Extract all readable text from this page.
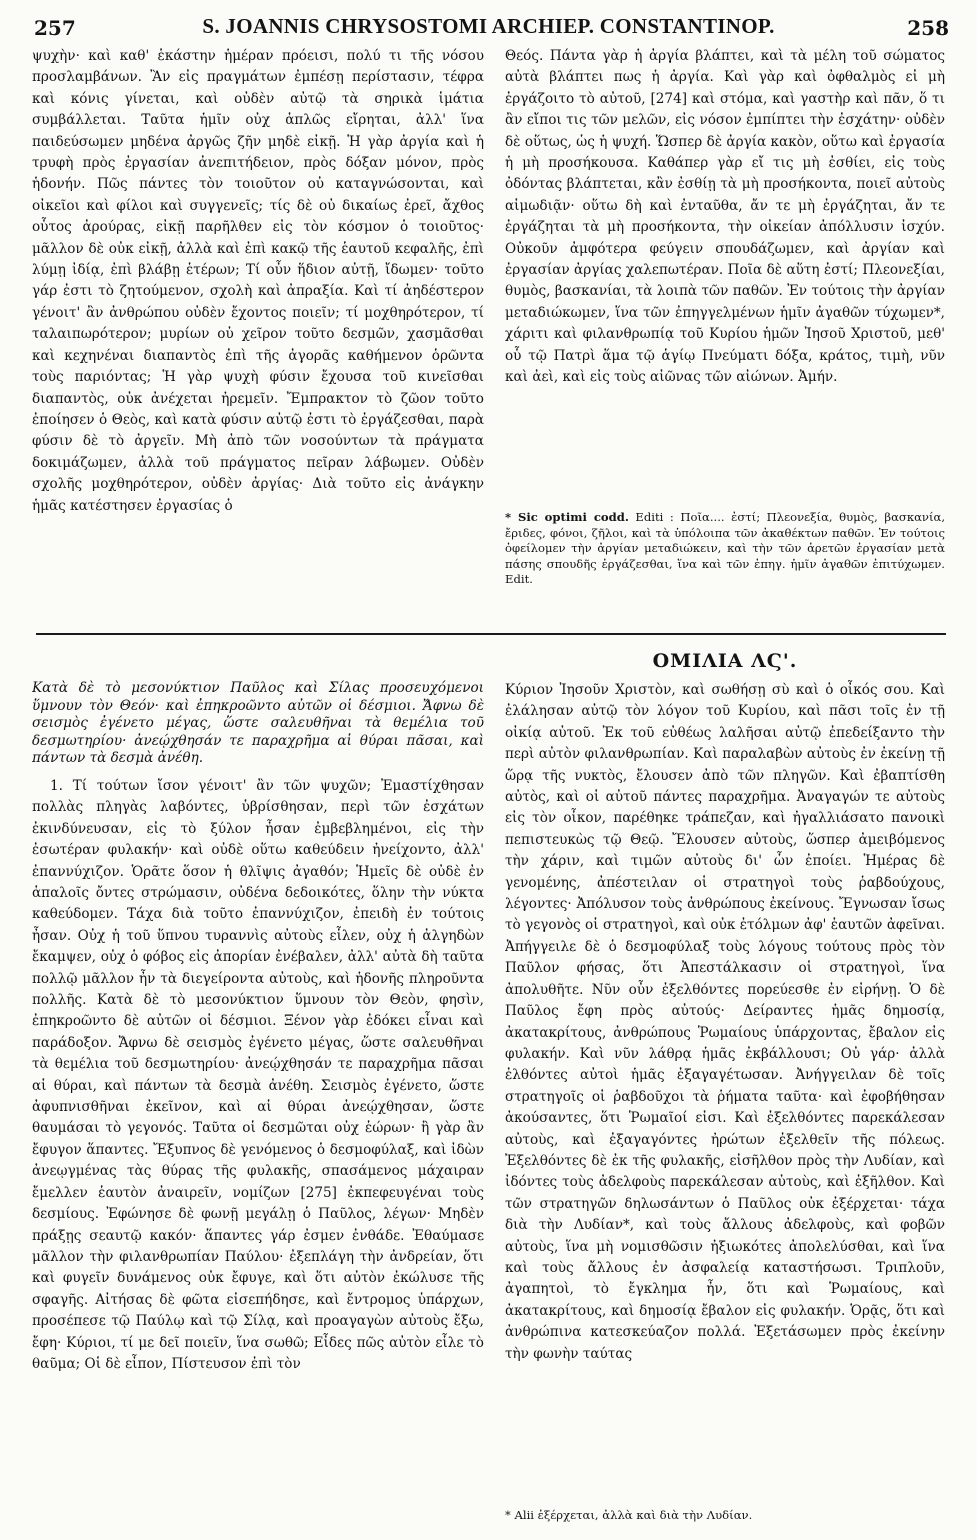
257	S. JOANNIS CHRYSOSTOMI ARCHIEP. CONSTANTINOP.	258

ψυχὴν· καὶ καθ' ἑκάστην ἡμέραν πρόεισι, πολύ τι τῆς νόσου προσλαμβάνων. Ἂν εἰς πραγμάτων ἐμπέσῃ περίστασιν, τέφρα καὶ κόνις γίνεται, καὶ οὐδὲν αὐτῷ τὰ σηρικὰ ἱμάτια συμβάλλεται. Ταῦτα ἡμῖν οὐχ ἁπλῶς εἴρηται, ἀλλ' ἵνα παιδεύσωμεν μηδένα ἀργῶς ζῆν μηδὲ εἰκῇ. Ἡ γὰρ ἀργία καὶ ἡ τρυφὴ πρὸς ἐργασίαν ἀνεπιτήδειον, πρὸς δόξαν μόνον, πρὸς ἡδονήν. Πῶς πάντες τὸν τοιοῦτον οὐ καταγνώσονται, καὶ οἰκεῖοι καὶ φίλοι καὶ συγγενεῖς; τίς δὲ οὐ δικαίως ἐρεῖ, ἄχθος οὗτος ἀρούρας, εἰκῇ παρῆλθεν εἰς τὸν κόσμον ὁ τοιοῦτος· μᾶλλον δὲ οὐκ εἰκῇ, ἀλλὰ καὶ ἐπὶ κακῷ τῆς ἑαυτοῦ κεφαλῆς, ἐπὶ λύμῃ ἰδίᾳ, ἐπὶ βλάβῃ ἑτέρων; Τί οὖν ἥδιον αὐτῇ, ἴδωμεν· τοῦτο γάρ ἐστι τὸ ζητούμενον, σχολὴ καὶ ἀπραξία. Καὶ τί ἀηδέστερον γένοιτ' ἂν ἀνθρώπου οὐδὲν ἔχοντος ποιεῖν; τί μοχθηρότερον, τί ταλαιπωρότερον; μυρίων οὐ χεῖρον τοῦτο δεσμῶν, χασμᾶσθαι καὶ κεχηνέναι διαπαντὸς ἐπὶ τῆς ἀγορᾶς καθήμενον ὁρῶντα τοὺς παριόντας; Ἡ γὰρ ψυχὴ φύσιν ἔχουσα τοῦ κινεῖσθαι διαπαντὸς, οὐκ ἀνέχεται ἠρεμεῖν. Ἔμπρακτον τὸ ζῶον τοῦτο ἐποίησεν ὁ Θεὸς, καὶ κατὰ φύσιν αὐτῷ ἐστι τὸ ἐργάζεσθαι, παρὰ φύσιν δὲ τὸ ἀργεῖν. Μὴ ἀπὸ τῶν νοσούντων τὰ πράγματα δοκιμάζωμεν, ἀλλὰ τοῦ πράγματος πεῖραν λάβωμεν. Οὐδὲν σχολῆς μοχθηρότερον, οὐδὲν ἀργίας· Διὰ τοῦτο εἰς ἀνάγκην ἡμᾶς κατέστησεν ἐργασίας ὁ

Θεός. Πάντα γὰρ ἡ ἀργία βλάπτει, καὶ τὰ μέλη τοῦ σώματος αὐτὰ βλάπτει πως ἡ ἀργία. Καὶ γὰρ καὶ ὀφθαλμὸς εἰ μὴ ἐργάζοιτο τὸ αὐτοῦ, [274] καὶ στόμα, καὶ γαστὴρ καὶ πᾶν, ὅ τι ἂν εἴποι τις τῶν μελῶν, εἰς νόσον ἐμπίπτει τὴν ἐσχάτην· οὐδὲν δὲ οὕτως, ὡς ἡ ψυχή. Ὥσπερ δὲ ἀργία κακὸν, οὕτω καὶ ἐργασία ἡ μὴ προσήκουσα. Καθάπερ γὰρ εἴ τις μὴ ἐσθίει, εἰς τοὺς ὀδόντας βλάπτεται, κἂν ἐσθίῃ τὰ μὴ προσήκοντα, ποιεῖ αὐτοὺς αἱμωδιᾷν· οὕτω δὴ καὶ ἐνταῦθα, ἄν τε μὴ ἐργάζηται, ἄν τε ἐργάζηται τὰ μὴ προσήκοντα, τὴν οἰκείαν ἀπόλλυσιν ἰσχύν. Οὐκοῦν ἀμφότερα φεύγειν σπουδάζωμεν, καὶ ἀργίαν καὶ ἐργασίαν ἀργίας χαλεπωτέραν. Ποῖα δὲ αὕτη ἐστί; Πλεονεξίαι, θυμὸς, βασκανίαι, τὰ λοιπὰ τῶν παθῶν. Ἐν τούτοις τὴν ἀργίαν μεταδιώκωμεν, ἵνα τῶν ἐπηγγελμένων ἡμῖν ἀγαθῶν τύχωμεν*, χάριτι καὶ φιλανθρωπίᾳ τοῦ Κυρίου ἡμῶν Ἰησοῦ Χριστοῦ, μεθ' οὗ τῷ Πατρὶ ἅμα τῷ ἁγίῳ Πνεύματι δόξα, κράτος, τιμὴ, νῦν καὶ ἀεὶ, καὶ εἰς τοὺς αἰῶνας τῶν αἰώνων. Ἀμήν.

* Sic optimi codd. Editi : Ποῖα.... ἐστί; Πλεονεξία, θυμὸς, βασκανία, ἔριδες, φόνοι, ζῆλοι, καὶ τὰ ὑπόλοιπα τῶν ἀκαθέκτων παθῶν. Ἐν τούτοις ὀφείλομεν τὴν ἀργίαν μεταδιώκειν, καὶ τὴν τῶν ἀρετῶν ἐργασίαν μετὰ πάσης σπουδῆς ἐργάζεσθαι, ἵνα καὶ τῶν ἐπηγ. ἡμῖν ἀγαθῶν ἐπιτύχωμεν. Edit.
ΟΜΙΛΙΑ ΛϚ'.

Κατὰ δὲ τὸ μεσονύκτιον Παῦλος καὶ Σίλας προσευχόμενοι ὕμνουν τὸν Θεόν· καὶ ἐπηκροῶντο αὐτῶν οἱ δέσμιοι. Ἄφνω δὲ σεισμὸς ἐγένετο μέγας, ὥστε σαλευθῆναι τὰ θεμέλια τοῦ δεσμωτηρίου· ἀνεῴχθησάν τε παραχρῆμα αἱ θύραι πᾶσαι, καὶ πάντων τὰ δεσμὰ ἀνέθη.

1. Τί τούτων ἴσον γένοιτ' ἂν τῶν ψυχῶν; Ἐμαστίχθησαν πολλὰς πληγὰς λαβόντες, ὑβρίσθησαν, περὶ τῶν ἐσχάτων ἐκινδύνευσαν, εἰς τὸ ξύλον ἦσαν ἐμβεβλημένοι, εἰς τὴν ἐσωτέραν φυλακήν· καὶ οὐδὲ οὕτω καθεύδειν ἠνείχοντο, ἀλλ' ἐπαννύχιζον. Ὁρᾶτε ὅσον ἡ θλῖψις ἀγαθόν; Ἡμεῖς δὲ οὐδὲ ἐν ἁπαλοῖς ὄντες στρώμασιν, οὐδένα δεδοικότες, ὅλην τὴν νύκτα καθεύδομεν. Τάχα διὰ τοῦτο ἐπαννύχιζον, ἐπειδὴ ἐν τούτοις ἦσαν. Οὐχ ἡ τοῦ ὕπνου τυραννὶς αὐτοὺς εἷλεν, οὐχ ἡ ἀλγηδὼν ἔκαμψεν, οὐχ ὁ φόβος εἰς ἀπορίαν ἐνέβαλεν, ἀλλ' αὐτὰ δὴ ταῦτα πολλῷ μᾶλλον ἦν τὰ διεγείροντα αὐτοὺς, καὶ ἡδονῆς πληροῦντα πολλῆς. Κατὰ δὲ τὸ μεσονύκτιον ὕμνουν τὸν Θεὸν, φησὶν, ἐπηκροῶντο δὲ αὐτῶν οἱ δέσμιοι. Ξένον γὰρ ἐδόκει εἶναι καὶ παράδοξον. Ἄφνω δὲ σεισμὸς ἐγένετο μέγας, ὥστε σαλευθῆναι τὰ θεμέλια τοῦ δεσμωτηρίου· ἀνεῴχθησάν τε παραχρῆμα πᾶσαι αἱ θύραι, καὶ πάντων τὰ δεσμὰ ἀνέθη. Σεισμὸς ἐγένετο, ὥστε ἀφυπνισθῆναι ἐκεῖνον, καὶ αἱ θύραι ἀνεῴχθησαν, ὥστε θαυμάσαι τὸ γεγονός. Ταῦτα οἱ δεσμῶται οὐχ ἑώρων· ἢ γὰρ ἂν ἔφυγον ἅπαντες. Ἔξυπνος δὲ γενόμενος ὁ δεσμοφύλαξ, καὶ ἰδὼν ἀνεῳγμένας τὰς θύρας τῆς φυλακῆς, σπασάμενος μάχαιραν ἔμελλεν ἑαυτὸν ἀναιρεῖν, νομίζων [275] ἐκπεφευγέναι τοὺς δεσμίους. Ἐφώνησε δὲ φωνῇ μεγάλῃ ὁ Παῦλος, λέγων· Μηδὲν πράξῃς σεαυτῷ κακόν· ἅπαντες γάρ ἐσμεν ἐνθάδε. Ἐθαύμασε μᾶλλον τὴν φιλανθρωπίαν Παύλου· ἐξεπλάγη τὴν ἀνδρείαν, ὅτι καὶ φυγεῖν δυνάμενος οὐκ ἔφυγε, καὶ ὅτι αὐτὸν ἐκώλυσε τῆς σφαγῆς. Αἰτήσας δὲ φῶτα εἰσεπήδησε, καὶ ἔντρομος ὑπάρχων, προσέπεσε τῷ Παύλῳ καὶ τῷ Σίλᾳ, καὶ προαγαγὼν αὐτοὺς ἔξω, ἔφη· Κύριοι, τί με δεῖ ποιεῖν, ἵνα σωθῶ; Εἶδες πῶς αὐτὸν εἷλε τὸ θαῦμα; Οἱ δὲ εἶπον, Πίστευσον ἐπὶ τὸν

Κύριον Ἰησοῦν Χριστὸν, καὶ σωθήσῃ σὺ καὶ ὁ οἶκός σου. Καὶ ἐλάλησαν αὐτῷ τὸν λόγον τοῦ Κυρίου, καὶ πᾶσι τοῖς ἐν τῇ οἰκίᾳ αὐτοῦ. Ἐκ τοῦ εὐθέως λαλῆσαι αὐτῷ ἐπεδείξαντο τὴν περὶ αὐτὸν φιλανθρωπίαν. Καὶ παραλαβὼν αὐτοὺς ἐν ἐκείνῃ τῇ ὥρᾳ τῆς νυκτὸς, ἔλουσεν ἀπὸ τῶν πληγῶν. Καὶ ἐβαπτίσθη αὐτὸς, καὶ οἱ αὐτοῦ πάντες παραχρῆμα. Ἀναγαγών τε αὐτοὺς εἰς τὸν οἶκον, παρέθηκε τράπεζαν, καὶ ἠγαλλιάσατο πανοικὶ πεπιστευκὼς τῷ Θεῷ. Ἔλουσεν αὐτοὺς, ὥσπερ ἀμειβόμενος τὴν χάριν, καὶ τιμῶν αὐτοὺς δι' ὧν ἐποίει. Ἡμέρας δὲ γενομένης, ἀπέστειλαν οἱ στρατηγοὶ τοὺς ῥαβδούχους, λέγοντες· Ἀπόλυσον τοὺς ἀνθρώπους ἐκείνους. Ἔγνωσαν ἴσως τὸ γεγονὸς οἱ στρατηγοὶ, καὶ οὐκ ἐτόλμων ἀφ' ἑαυτῶν ἀφεῖναι. Ἀπήγγειλε δὲ ὁ δεσμοφύλαξ τοὺς λόγους τούτους πρὸς τὸν Παῦλον φήσας, ὅτι Ἀπεστάλκασιν οἱ στρατηγοὶ, ἵνα ἀπολυθῆτε. Νῦν οὖν ἐξελθόντες πορεύεσθε ἐν εἰρήνῃ. Ὁ δὲ Παῦλος ἔφη πρὸς αὐτούς· Δείραντες ἡμᾶς δημοσίᾳ, ἀκατακρίτους, ἀνθρώπους Ῥωμαίους ὑπάρχοντας, ἔβαλον εἰς φυλακήν. Καὶ νῦν λάθρᾳ ἡμᾶς ἐκβάλλουσι; Οὐ γάρ· ἀλλὰ ἐλθόντες αὐτοὶ ἡμᾶς ἐξαγαγέτωσαν. Ἀνήγγειλαν δὲ τοῖς στρατηγοῖς οἱ ῥαβδοῦχοι τὰ ῥήματα ταῦτα· καὶ ἐφοβήθησαν ἀκούσαντες, ὅτι Ῥωμαῖοί εἰσι. Καὶ ἐξελθόντες παρεκάλεσαν αὐτοὺς, καὶ ἐξαγαγόντες ἠρώτων ἐξελθεῖν τῆς πόλεως. Ἐξελθόντες δὲ ἐκ τῆς φυλακῆς, εἰσῆλθον πρὸς τὴν Λυδίαν, καὶ ἰδόντες τοὺς ἀδελφοὺς παρεκάλεσαν αὐτοὺς, καὶ ἐξῆλθον. Καὶ τῶν στρατηγῶν δηλωσάντων ὁ Παῦλος οὐκ ἐξέρχεται· τάχα διὰ τὴν Λυδίαν*, καὶ τοὺς ἄλλους ἀδελφοὺς, καὶ φοβῶν αὐτοὺς, ἵνα μὴ νομισθῶσιν ἠξιωκότες ἀπολελύσθαι, καὶ ἵνα καὶ τοὺς ἄλλους ἐν ἀσφαλείᾳ καταστήσωσι. Τριπλοῦν, ἀγαπητοὶ, τὸ ἔγκλημα ἦν, ὅτι καὶ Ῥωμαίους, καὶ ἀκατακρίτους, καὶ δημοσίᾳ ἔβαλον εἰς φυλακήν. Ὁρᾷς, ὅτι καὶ ἀνθρώπινα κατεσκεύαζον πολλά. Ἐξετάσωμεν πρὸς ἐκείνην τὴν φωνὴν ταύτας

* Alii ἐξέρχεται, ἀλλὰ καὶ διὰ τὴν Λυδίαν.
